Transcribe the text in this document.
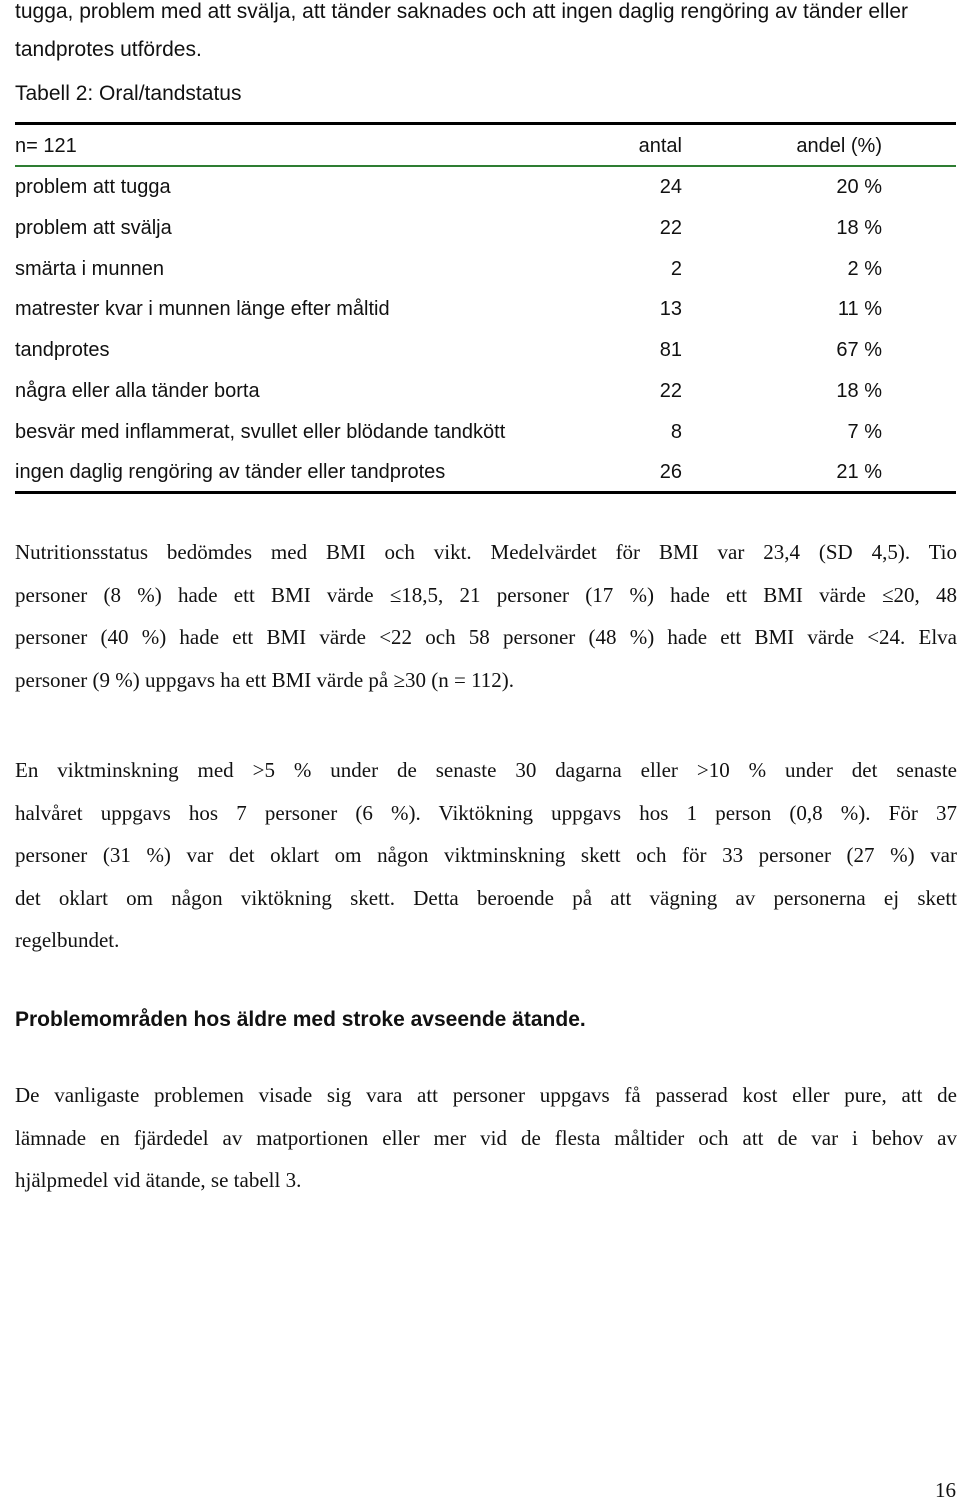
tugga, problem med att svälja, att tänder saknades och att ingen daglig rengöring av tänder eller
tandprotes utfördes.
Tabell 2: Oral/tandstatus
n= 121	antal	andel (%)
problem att tugga	24	20 %
problem att svälja	22	18 %
smärta i munnen	2	2 %
matrester kvar i munnen länge efter måltid	13	11 %
tandprotes	81	67 %
några eller alla tänder borta	22	18 %
besvär med inflammerat, svullet eller blödande tandkött	8	7 %
ingen daglig rengöring av tänder eller tandprotes	26	21 %
Nutritionsstatus bedömdes med BMI och vikt. Medelvärdet för BMI var 23,4 (SD 4,5). Tio
personer (8 %) hade ett BMI värde ≤18,5, 21 personer (17 %) hade ett BMI värde ≤20, 48
personer (40 %) hade ett BMI värde <22 och 58 personer (48 %) hade ett BMI värde <24. Elva
personer (9 %) uppgavs ha ett BMI värde på ≥30 (n = 112).
En viktminskning med >5 % under de senaste 30 dagarna eller >10 % under det senaste
halvåret uppgavs hos 7 personer (6 %). Viktökning uppgavs hos 1 person (0,8 %). För 37
personer (31 %) var det oklart om någon viktminskning skett och för 33 personer (27 %) var
det oklart om någon viktökning skett. Detta beroende på att vägning av personerna ej skett
regelbundet.
Problemområden hos äldre med stroke avseende ätande.
De vanligaste problemen visade sig vara att personer uppgavs få passerad kost eller pure, att de
lämnade en fjärdedel av matportionen eller mer vid de flesta måltider och att de var i behov av
hjälpmedel vid ätande, se tabell 3.
16
